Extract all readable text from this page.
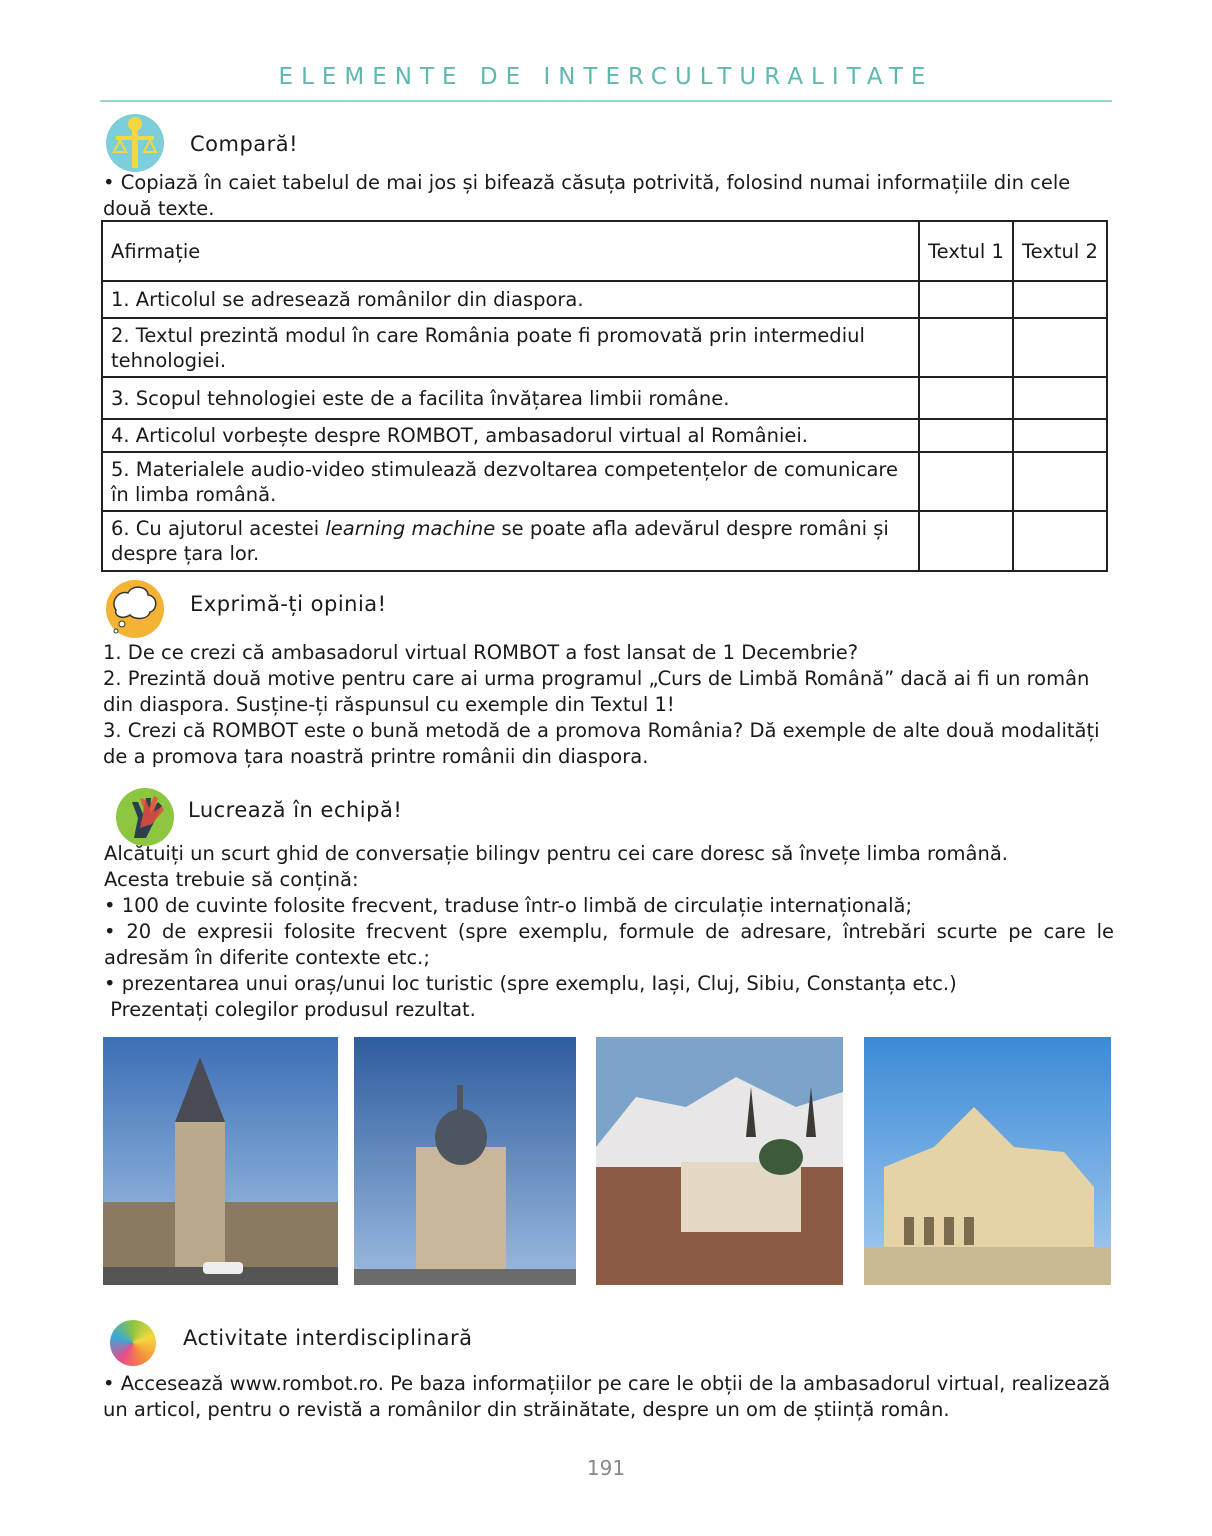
ELEMENTE DE INTERCULTURALITATE
Compară!
• Copiază în caiet tabelul de mai jos și bifează căsuța potrivită, folosind numai informațiile din cele două texte.
Afirmație	Textul 1	Textul 2
1. Articolul se adresează românilor din diaspora.		
2. Textul prezintă modul în care România poate fi promovată prin intermediul tehnologiei.		
3. Scopul tehnologiei este de a facilita învățarea limbii române.		
4. Articolul vorbește despre ROMBOT, ambasadorul virtual al României.		
5. Materialele audio-video stimulează dezvoltarea competențelor de comunicare în limba română.		
6. Cu ajutorul acestei learning machine se poate afla adevărul despre români și despre țara lor.		
Exprimă-ți opinia!
1. De ce crezi că ambasadorul virtual ROMBOT a fost lansat de 1 Decembrie?
2. Prezintă două motive pentru care ai urma programul „Curs de Limbă Română” dacă ai fi un român din diaspora. Susține-ți răspunsul cu exemple din Textul 1!
3. Crezi că ROMBOT este o bună metodă de a promova România? Dă exemple de alte două modalități de a promova țara noastră printre românii din diaspora.
Lucrează în echipă!
Alcătuiți un scurt ghid de conversație bilingv pentru cei care doresc să învețe limba română.
Acesta trebuie să conțină:
• 100 de cuvinte folosite frecvent, traduse într-o limbă de circulație internațională;
• 20 de expresii folosite frecvent (spre exemplu, formule de adresare, întrebări scurte pe care le adresăm în diferite contexte etc.;
• prezentarea unui oraș/unui loc turistic (spre exemplu, Iași, Cluj, Sibiu, Constanța etc.)
Prezentați colegilor produsul rezultat.
Activitate interdisciplinară
• Accesează www.rombot.ro. Pe baza informațiilor pe care le obții de la ambasadorul virtual, realizează un articol, pentru o revistă a românilor din străinătate, despre un om de știință român.
191
